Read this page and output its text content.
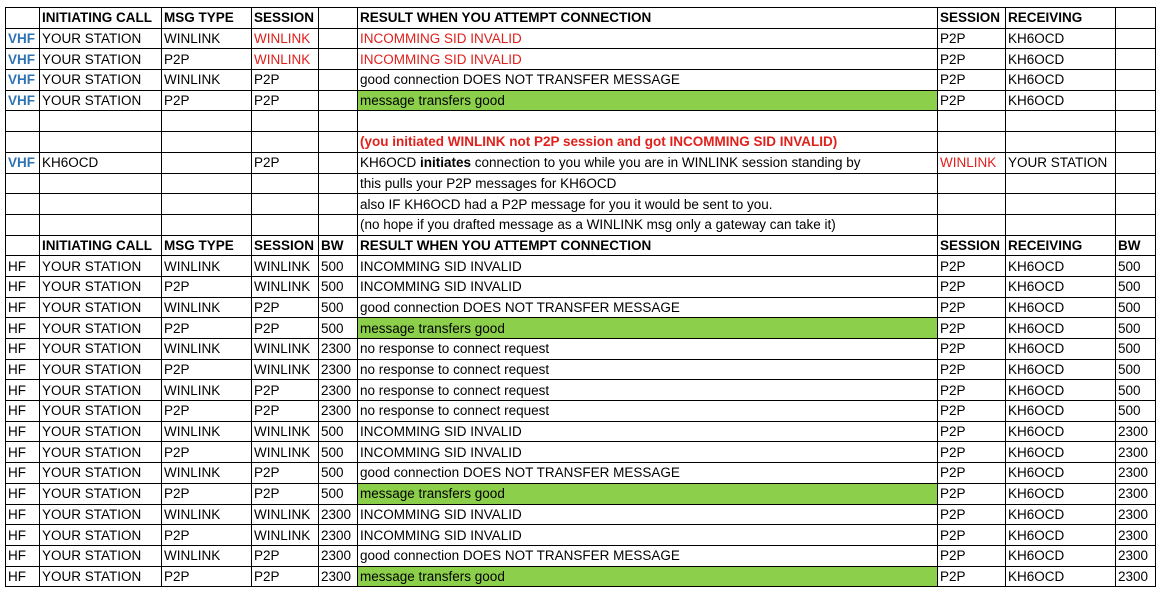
	INITIATING CALL	MSG TYPE	SESSION		RESULT WHEN YOU ATTEMPT CONNECTION	SESSION	RECEIVING	
VHF	YOUR STATION	WINLINK	WINLINK		INCOMMING SID INVALID	P2P	KH6OCD	
VHF	YOUR STATION	P2P	WINLINK		INCOMMING SID INVALID	P2P	KH6OCD	
VHF	YOUR STATION	WINLINK	P2P		good connection DOES NOT TRANSFER MESSAGE	P2P	KH6OCD	
VHF	YOUR STATION	P2P	P2P		message transfers good	P2P	KH6OCD	

					(you initiated WINLINK not P2P session and got INCOMMING SID INVALID)			
VHF	KH6OCD		P2P		KH6OCD initiates connection to you while you are in WINLINK session standing by	WINLINK	YOUR STATION	
					this pulls your P2P messages for KH6OCD			
					also IF KH6OCD had a P2P message for you it would be sent to you.			
					(no hope if you drafted message as a WINLINK msg only a gateway can take it)			
	INITIATING CALL	MSG TYPE	SESSION	BW	RESULT WHEN YOU ATTEMPT CONNECTION	SESSION	RECEIVING	BW
HF	YOUR STATION	WINLINK	WINLINK	500	INCOMMING SID INVALID	P2P	KH6OCD	500
HF	YOUR STATION	P2P	WINLINK	500	INCOMMING SID INVALID	P2P	KH6OCD	500
HF	YOUR STATION	WINLINK	P2P	500	good connection DOES NOT TRANSFER MESSAGE	P2P	KH6OCD	500
HF	YOUR STATION	P2P	P2P	500	message transfers good	P2P	KH6OCD	500
HF	YOUR STATION	WINLINK	WINLINK	2300	no response to connect request	P2P	KH6OCD	500
HF	YOUR STATION	P2P	WINLINK	2300	no response to connect request	P2P	KH6OCD	500
HF	YOUR STATION	WINLINK	P2P	2300	no response to connect request	P2P	KH6OCD	500
HF	YOUR STATION	P2P	P2P	2300	no response to connect request	P2P	KH6OCD	500
HF	YOUR STATION	WINLINK	WINLINK	500	INCOMMING SID INVALID	P2P	KH6OCD	2300
HF	YOUR STATION	P2P	WINLINK	500	INCOMMING SID INVALID	P2P	KH6OCD	2300
HF	YOUR STATION	WINLINK	P2P	500	good connection DOES NOT TRANSFER MESSAGE	P2P	KH6OCD	2300
HF	YOUR STATION	P2P	P2P	500	message transfers good	P2P	KH6OCD	2300
HF	YOUR STATION	WINLINK	WINLINK	2300	INCOMMING SID INVALID	P2P	KH6OCD	2300
HF	YOUR STATION	P2P	WINLINK	2300	INCOMMING SID INVALID	P2P	KH6OCD	2300
HF	YOUR STATION	WINLINK	P2P	2300	good connection DOES NOT TRANSFER MESSAGE	P2P	KH6OCD	2300
HF	YOUR STATION	P2P	P2P	2300	message transfers good	P2P	KH6OCD	2300
